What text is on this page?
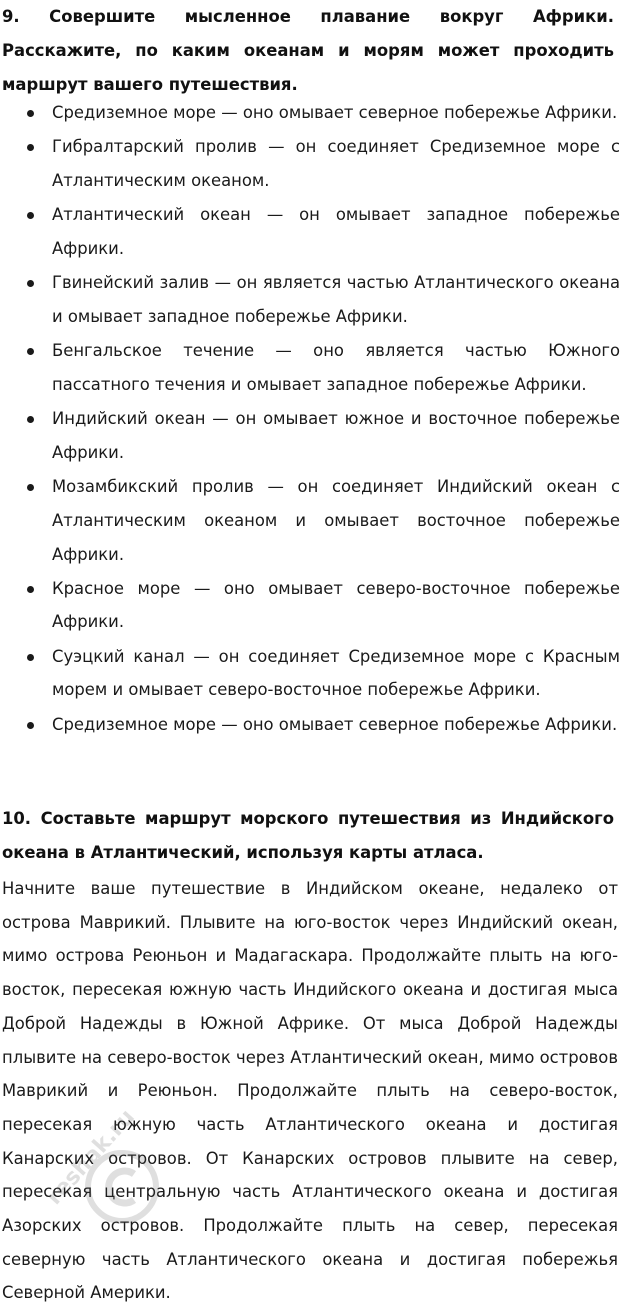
9. Совершите мысленное плавание вокруг Африки. Расскажите, по каким океанам и морям может проходить маршрут вашего путешествия.

Средиземное море — оно омывает северное побережье Африки.
Гибралтарский пролив — он соединяет Средиземное море с Атлантическим океаном.
Атлантический океан — он омывает западное побережье Африки.
Гвинейский залив — он является частью Атлантического океана и омывает западное побережье Африки.
Бенгальское течение — оно является частью Южного пассатного течения и омывает западное побережье Африки.
Индийский океан — он омывает южное и восточное побережье Африки.
Мозамбикский пролив — он соединяет Индийский океан с Атлантическим океаном и омывает восточное побережье Африки.
Красное море — оно омывает северо-восточное побережье Африки.
Суэцкий канал — он соединяет Средиземное море с Красным морем и омывает северо-восточное побережье Африки.
Средиземное море — оно омывает северное побережье Африки.

10. Составьте маршрут морского путешествия из Индийского океана в Атлантический, используя карты атласа.

Начните ваше путешествие в Индийском океане, недалеко от острова Маврикий. Плывите на юго-восток через Индийский океан, мимо острова Реюньон и Мадагаскара. Продолжайте плыть на юго-восток, пересекая южную часть Индийского океана и достигая мыса Доброй Надежды в Южной Африке. От мыса Доброй Надежды плывите на северо-восток через Атлантический океан, мимо островов Маврикий и Реюньон. Продолжайте плыть на северо-восток, пересекая южную часть Атлантического океана и достигая Канарских островов. От Канарских островов плывите на север, пересекая центральную часть Атлантического океана и достигая Азорских островов. Продолжайте плыть на север, пересекая северную часть Атлантического океана и достигая побережья Северной Америки.

reshak.ru
